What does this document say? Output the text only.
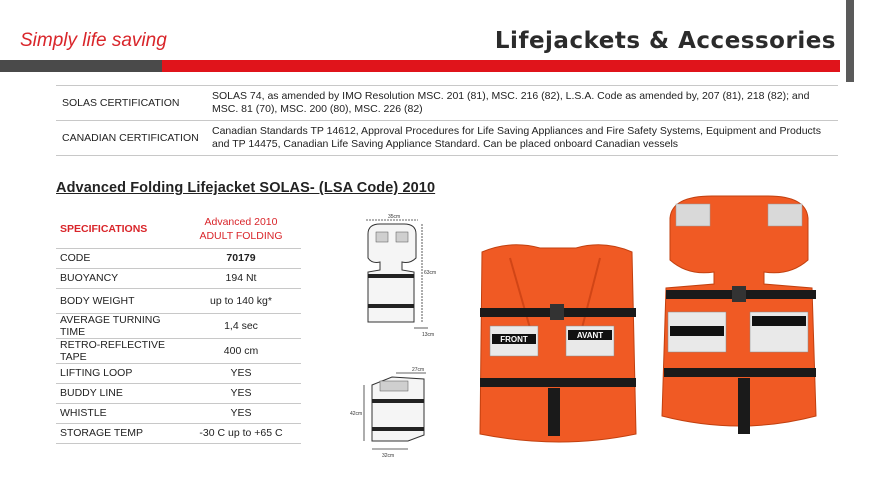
Simply life saving	Lifejackets & Accessories
SOLAS CERTIFICATION	SOLAS 74, as amended by IMO Resolution MSC. 201 (81), MSC. 216 (82), L.S.A. Code as amended by, 207 (81), 218 (82); and MSC. 81 (70), MSC. 200 (80), MSC. 226 (82)
CANADIAN CERTIFICATION	Canadian Standards TP 14612, Approval Procedures for Life Saving Appliances and Fire Safety Systems, Equipment and Products and TP 14475, Canadian Life Saving Appliance Standard. Can be placed onboard Canadian vessels
Advanced Folding Lifejacket SOLAS- (LSA Code) 2010
SPECIFICATIONS	Advanced 2010
ADULT FOLDING

CODE	70179
BUOYANCY	194 Nt
BODY WEIGHT	up to 140 kg*
AVERAGE TURNING TIME	1,4 sec
RETRO-REFLECTIVE TAPE	400 cm
LIFTING LOOP	YES
BUDDY LINE	YES
WHISTLE	YES
STORAGE TEMP	-30 C up to +65 C
35cm
63cm
13cm
27cm
42cm
32cm
FRONT	AVANT
